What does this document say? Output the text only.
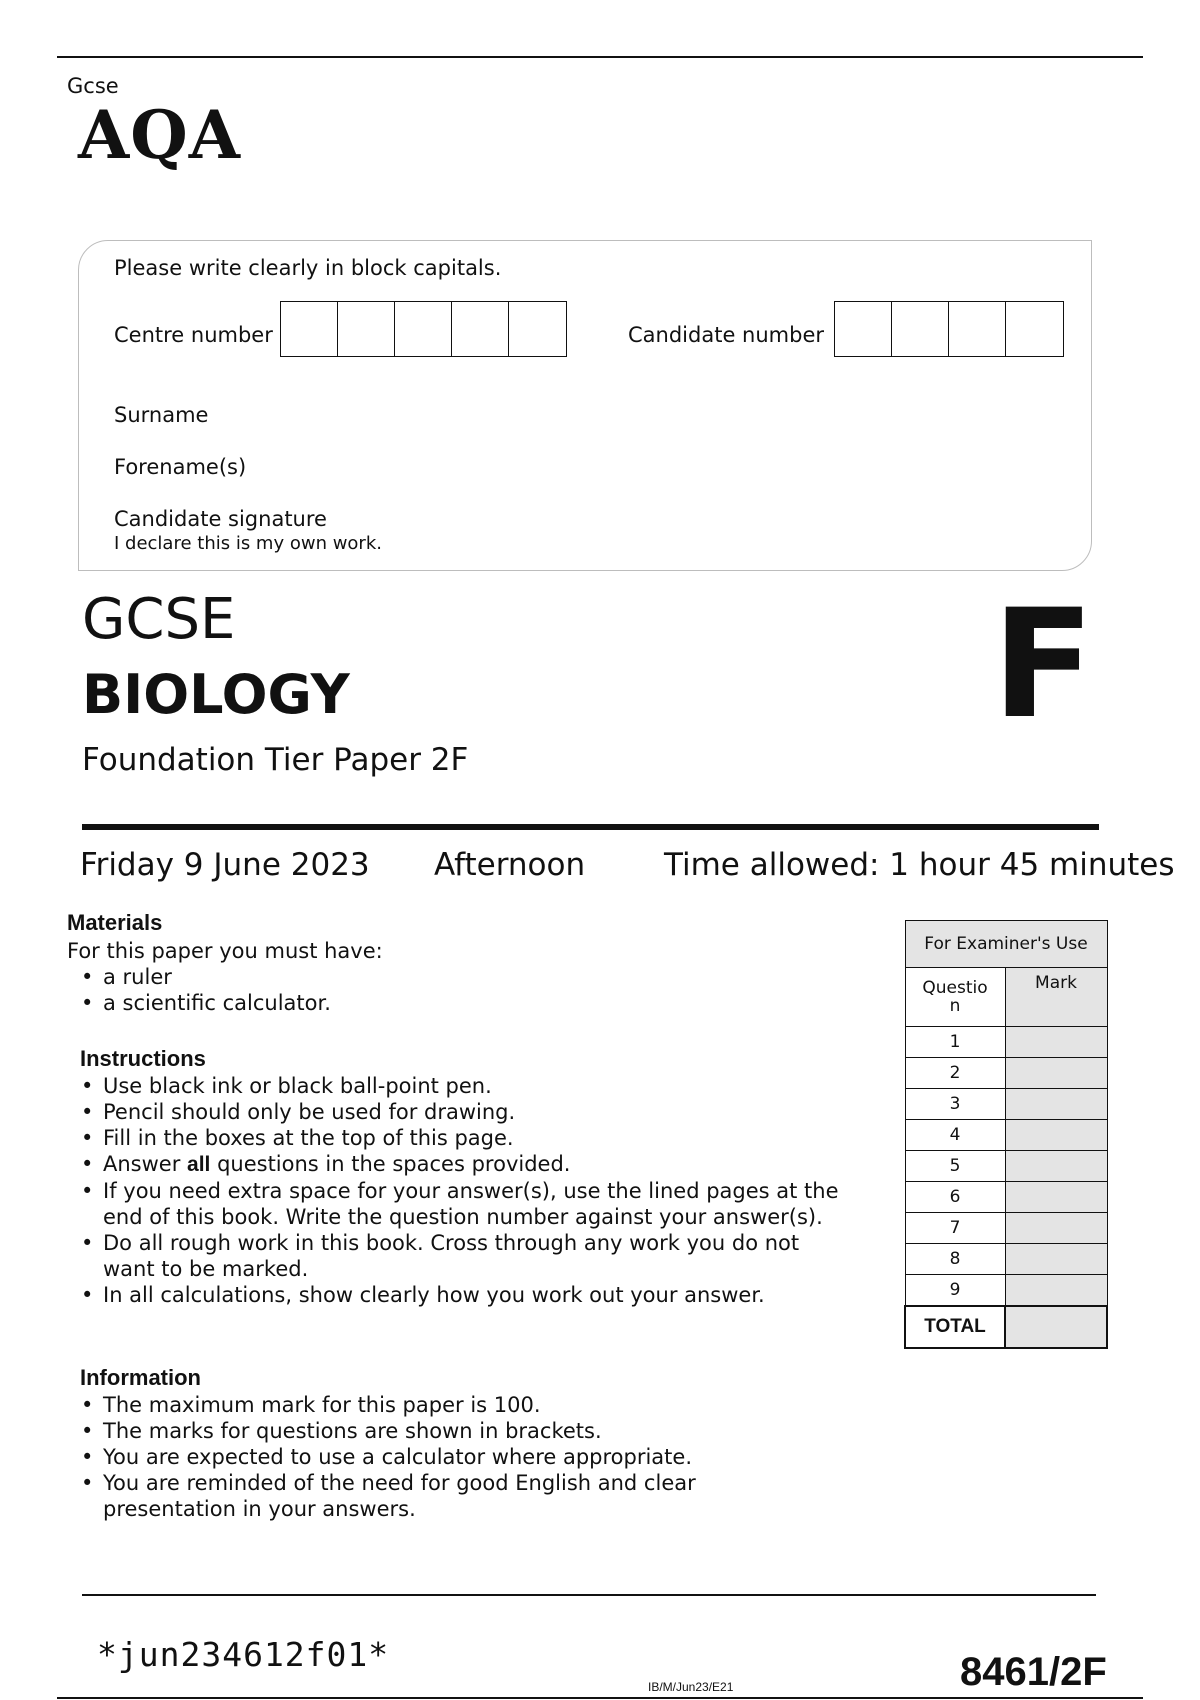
Gcse
AQA
Please write clearly in block capitals.
Centre number	Candidate number
Surname
Forename(s)
Candidate signature
I declare this is my own work.
GCSE
BIOLOGY
Foundation Tier Paper 2F
F
Friday 9 June 2023 Afternoon	Time allowed: 1 hour 45 minutes
Materials
For this paper you must have:
• a ruler
• a scientific calculator.
Instructions
• Use black ink or black ball-point pen.
• Pencil should only be used for drawing.
• Fill in the boxes at the top of this page.
• Answer all questions in the spaces provided.
• If you need extra space for your answer(s), use the lined pages at the end of this book. Write the question number against your answer(s).
• Do all rough work in this book. Cross through any work you do not want to be marked.
• In all calculations, show clearly how you work out your answer.
Information
• The maximum mark for this paper is 100.
• The marks for questions are shown in brackets.
• You are expected to use a calculator where appropriate.
• You are reminded of the need for good English and clear presentation in your answers.
For Examiner's Use	

Question	Mark
1	
2	
3	
4	
5	
6	
7	
8	
9	
TOTAL	
*jun234612f01*
IB/M/Jun23/E21	8461/2F
